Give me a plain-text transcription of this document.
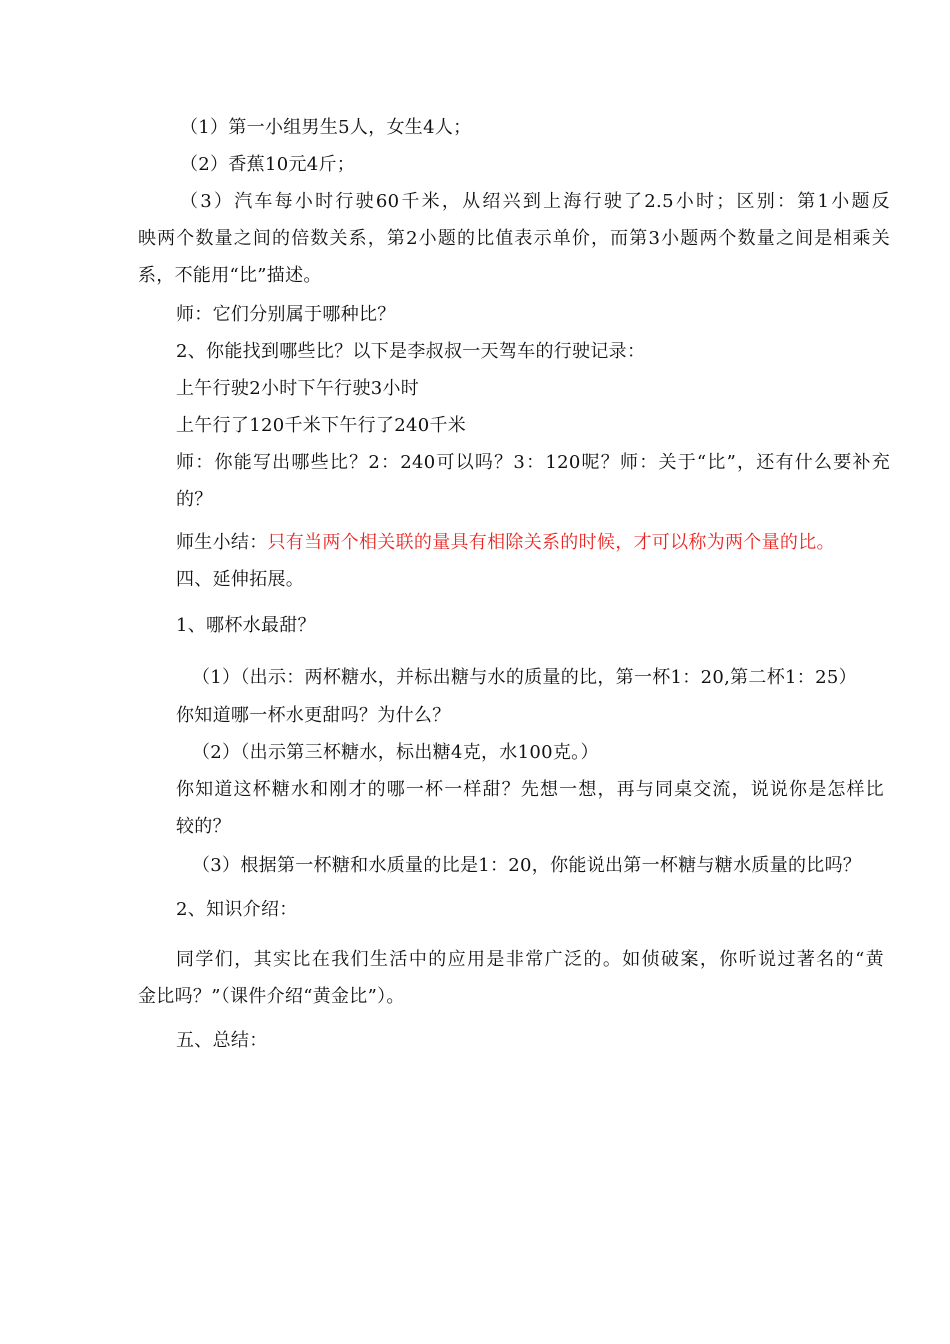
（1）第一小组男生5人，女生4人；
（2）香蕉10元4斤；
（3）汽车每小时行驶60千米，从绍兴到上海行驶了2.5小时；区别：第1小题反
映两个数量之间的倍数关系，第2小题的比值表示单价，而第3小题两个数量之间是相乘关
系，不能用“比”描述。
师：它们分别属于哪种比？
2、你能找到哪些比？以下是李叔叔一天驾车的行驶记录：
上午行驶2小时下午行驶3小时
上午行了120千米下午行了240千米
师：你能写出哪些比？2：240可以吗？3：120呢？师：关于“比”，还有什么要补充
的？
师生小结：只有当两个相关联的量具有相除关系的时候，才可以称为两个量的比。
四、延伸拓展。
1、哪杯水最甜？
（1）（出示：两杯糖水，并标出糖与水的质量的比，第一杯1：20,第二杯1：25）
你知道哪一杯水更甜吗？为什么？
（2）（出示第三杯糖水，标出糖4克，水100克。）
你知道这杯糖水和刚才的哪一杯一样甜？先想一想，再与同桌交流，说说你是怎样比
较的？
（3）根据第一杯糖和水质量的比是1：20，你能说出第一杯糖与糖水质量的比吗？
2、知识介绍：
同学们，其实比在我们生活中的应用是非常广泛的。如侦破案，你听说过著名的“黄
金比吗？”（课件介绍“黄金比”）。
五、总结：
